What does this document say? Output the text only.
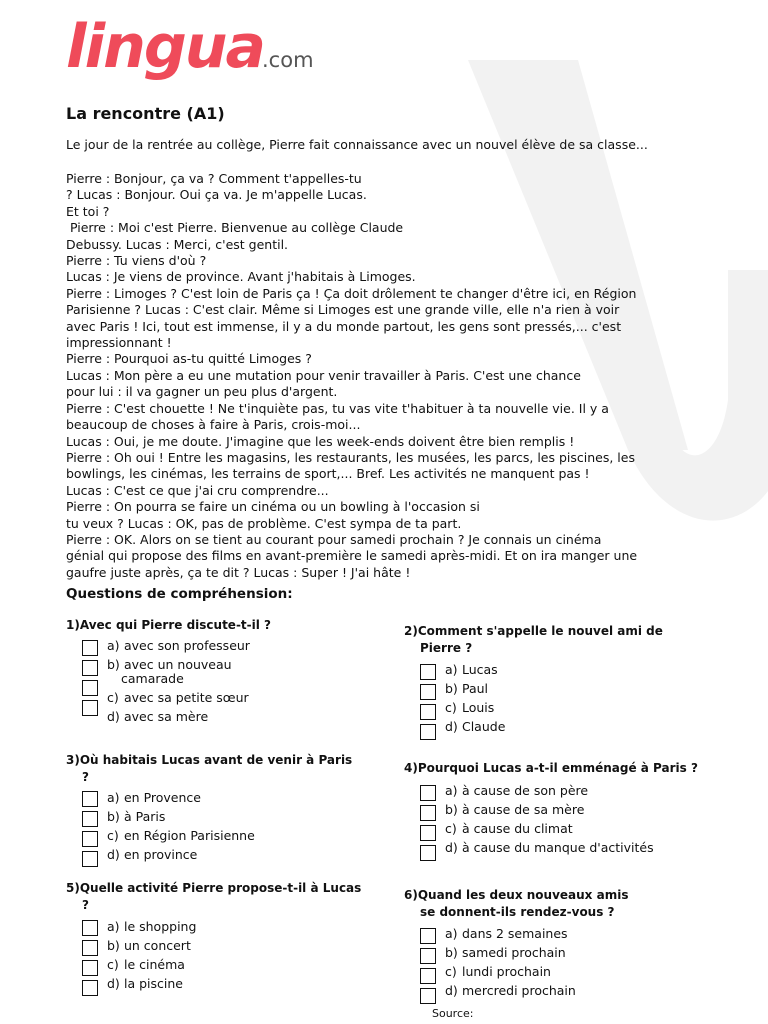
lingua.com
La rencontre (A1)
Le jour de la rentrée au collège, Pierre fait connaissance avec un nouvel élève de sa classe...
Pierre : Bonjour, ça va ? Comment t'appelles-tu
? Lucas : Bonjour. Oui ça va. Je m'appelle Lucas.
Et toi ?
Pierre : Moi c'est Pierre. Bienvenue au collège Claude
Debussy. Lucas : Merci, c'est gentil.
Pierre : Tu viens d'où ?
Lucas : Je viens de province. Avant j'habitais à Limoges.
Pierre : Limoges ? C'est loin de Paris ça ! Ça doit drôlement te changer d'être ici, en Région
Parisienne ? Lucas : C'est clair. Même si Limoges est une grande ville, elle n'a rien à voir
avec Paris ! Ici, tout est immense, il y a du monde partout, les gens sont pressés,... c'est
impressionnant !
Pierre : Pourquoi as-tu quitté Limoges ?
Lucas : Mon père a eu une mutation pour venir travailler à Paris. C'est une chance
pour lui : il va gagner un peu plus d'argent.
Pierre : C'est chouette ! Ne t'inquiète pas, tu vas vite t'habituer à ta nouvelle vie. Il y a
beaucoup de choses à faire à Paris, crois-moi...
Lucas : Oui, je me doute. J'imagine que les week-ends doivent être bien remplis !
Pierre : Oh oui ! Entre les magasins, les restaurants, les musées, les parcs, les piscines, les
bowlings, les cinémas, les terrains de sport,... Bref. Les activités ne manquent pas !
Lucas : C'est ce que j'ai cru comprendre...
Pierre : On pourra se faire un cinéma ou un bowling à l'occasion si
tu veux ? Lucas : OK, pas de problème. C'est sympa de ta part.
Pierre : OK. Alors on se tient au courant pour samedi prochain ? Je connais un cinéma
génial qui propose des films en avant-première le samedi après-midi. Et on ira manger une
gaufre juste après, ça te dit ? Lucas : Super ! J'ai hâte !
Questions de compréhension:
1)Avec qui Pierre discute-t-il ?
a) avec son professeur
b) avec un nouveau
camarade
c) avec sa petite sœur
d) avec sa mère
2)Comment s'appelle le nouvel ami de
Pierre ?
a) Lucas
b) Paul
c) Louis
d) Claude
3)Où habitais Lucas avant de venir à Paris
?
a) en Provence
b) à Paris
c) en Région Parisienne
d) en province
4)Pourquoi Lucas a-t-il emménagé à Paris ?
a) à cause de son père
b) à cause de sa mère
c) à cause du climat
d) à cause du manque d'activités
5)Quelle activité Pierre propose-t-il à Lucas
?
a) le shopping
b) un concert
c) le cinéma
d) la piscine
6)Quand les deux nouveaux amis
se donnent-ils rendez-vous ?
a) dans 2 semaines
b) samedi prochain
c) lundi prochain
d) mercredi prochain
Source:
